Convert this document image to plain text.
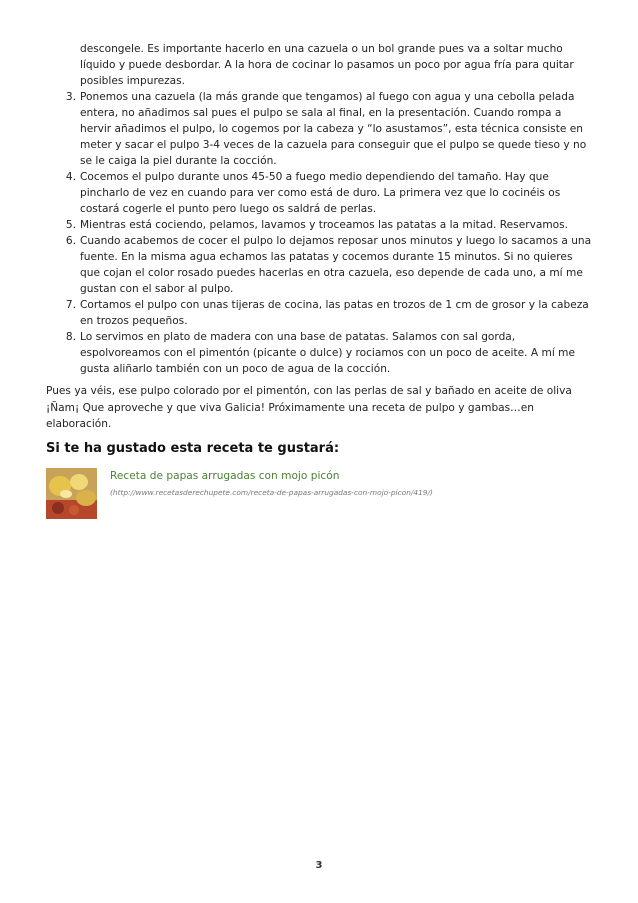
descongele. Es importante hacerlo en una cazuela o un bol grande pues va a soltar mucho líquido y puede desbordar. A la hora de cocinar lo pasamos un poco por agua fría para quitar posibles impurezas.
3. Ponemos una cazuela (la más grande que tengamos) al fuego con agua y una cebolla pelada entera, no añadimos sal pues el pulpo se sala al final, en la presentación. Cuando rompa a hervir añadimos el pulpo, lo cogemos por la cabeza y “lo asustamos”, esta técnica consiste en meter y sacar el pulpo 3-4 veces de la cazuela para conseguir que el pulpo se quede tieso y no se le caiga la piel durante la cocción.
4. Cocemos el pulpo durante unos 45-50 a fuego medio dependiendo del tamaño. Hay que pincharlo de vez en cuando para ver como está de duro. La primera vez que lo cocinéis os costará cogerle el punto pero luego os saldrá de perlas.
5. Mientras está cociendo, pelamos, lavamos y troceamos las patatas a la mitad. Reservamos.
6. Cuando acabemos de cocer el pulpo lo dejamos reposar unos minutos y luego lo sacamos a una fuente. En la misma agua echamos las patatas y cocemos durante 15 minutos. Si no quieres que cojan el color rosado puedes hacerlas en otra cazuela, eso depende de cada uno, a mí me gustan con el sabor al pulpo.
7. Cortamos el pulpo con unas tijeras de cocina, las patas en trozos de 1 cm de grosor y la cabeza en trozos pequeños.
8. Lo servimos en plato de madera con una base de patatas. Salamos con sal gorda, espolvoreamos con el pimentón (picante o dulce) y rociamos con un poco de aceite. A mí me gusta aliñarlo también con un poco de agua de la cocción.

Pues ya véis, ese pulpo colorado por el pimentón, con las perlas de sal y bañado en aceite de oliva ¡Ñam¡ Que aproveche y que viva Galicia! Próximamente una receta de pulpo y gambas…en elaboración.

Si te ha gustado esta receta te gustará:
Receta de papas arrugadas con mojo picón
(http://www.recetasderechupete.com/receta-de-papas-arrugadas-con-mojo-picon/419/)
3
